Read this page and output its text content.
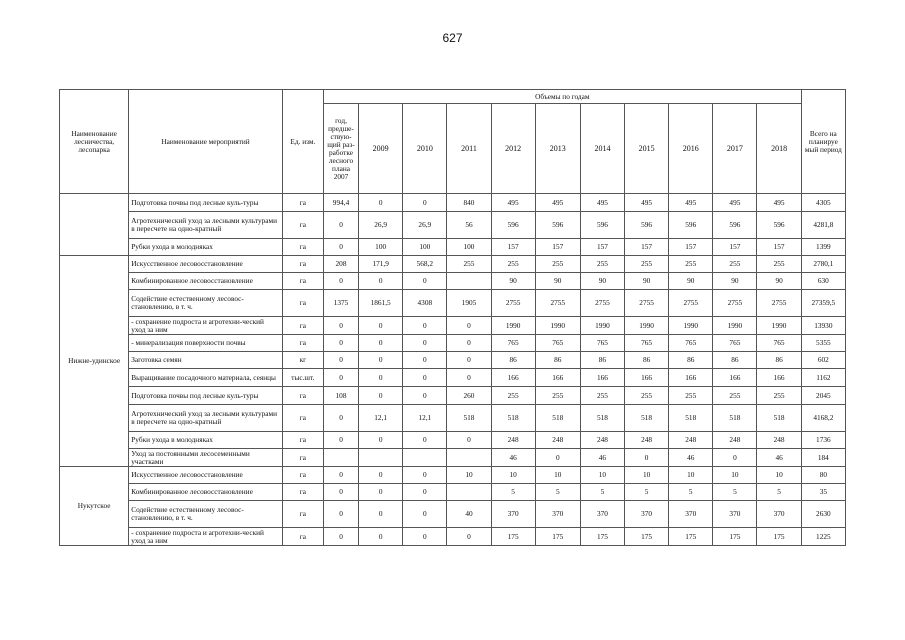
627
Наименование лесничества, лесопарка	Наименование мероприятий	Ед. изм.	Объемы по годам											Всего на планируе мый период
			год, предше-ствую-щий раз-работке лесного плана 2007	2009	2010	2011	2012	2013	2014	2015	2016	2017	2018	
	Подготовка почвы под лесные куль-туры	га	994,4	0	0	840	495	495	495	495	495	495	495	4305
	Агротехнический уход за лесными культурами в пересчете на одно-кратный	га	0	26,9	26,9	56	596	596	596	596	596	596	596	4281,8
	Рубки ухода в молодняках	га	0	100	100	100	157	157	157	157	157	157	157	1399
Нижне-удинское	Искусственное лесовосстановление	га	208	171,9	568,2	255	255	255	255	255	255	255	255	2780,1
	Комбинированное лесовосстановление	га	0	0	0		90	90	90	90	90	90	90	630
	Содействие естественному лесовос-становлению, в т. ч.	га	1375	1861,5	4308	1905	2755	2755	2755	2755	2755	2755	2755	27359,5
	- сохранение подроста и агротехни-ческий уход за ним	га	0	0	0	0	1990	1990	1990	1990	1990	1990	1990	13930
	- минерализация поверхности почвы	га	0	0	0	0	765	765	765	765	765	765	765	5355
	Заготовка семян	кг	0	0	0	0	86	86	86	86	86	86	86	602
	Выращивание посадочного материала, сеянцы	тыс.шт.	0	0	0	0	166	166	166	166	166	166	166	1162
	Подготовка почвы под лесные куль-туры	га	108	0	0	260	255	255	255	255	255	255	255	2045
	Агротехнический уход за лесными культурами в пересчете на одно-кратный	га	0	12,1	12,1	518	518	518	518	518	518	518	518	4168,2
	Рубки ухода в молодняках	га	0	0	0	0	248	248	248	248	248	248	248	1736
	Уход за постоянными лесосеменными участками	га					46	0	46	0	46	0	46	184
Нукутское	Искусственное лесовосстановление	га	0	0	0	10	10	10	10	10	10	10	10	80
	Комбинированное лесовосстановление	га	0	0	0		5	5	5	5	5	5	5	35
	Содействие естественному лесовос-становлению, в т. ч.	га	0	0	0	40	370	370	370	370	370	370	370	2630
	- сохранение подроста и агротехни-ческий уход за ним	га	0	0	0	0	175	175	175	175	175	175	175	1225
